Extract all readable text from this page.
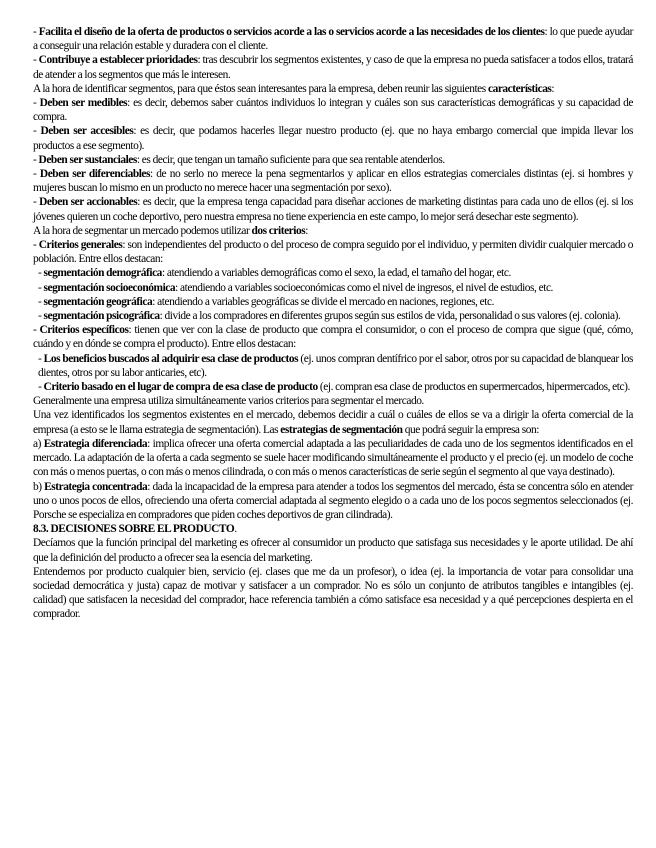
- Facilita el diseño de la oferta de productos o servicios acorde a las o servicios acorde a las necesidades de los clientes: lo que puede ayudar a conseguir una relación estable y duradera con el cliente.

- Contribuye a establecer prioridades: tras descubrir los segmentos existentes, y caso de que la empresa no pueda satisfacer a todos ellos, tratará de atender a los segmentos que más le interesen.

A la hora de identificar segmentos, para que éstos sean interesantes para la empresa, deben reunir las siguientes características:

- Deben ser medibles: es decir, debemos saber cuántos individuos lo integran y cuáles son sus características demográficas y su capacidad de compra.

- Deben ser accesibles: es decir, que podamos hacerles llegar nuestro producto (ej. que no haya embargo comercial que impida llevar los productos a ese segmento).

- Deben ser sustanciales: es decir, que tengan un tamaño suficiente para que sea rentable atenderlos.

- Deben ser diferenciables: de no serlo no merece la pena segmentarlos y aplicar en ellos estrategias comerciales distintas (ej. si hombres y mujeres buscan lo mismo en un producto no merece hacer una segmentación por sexo).

- Deben ser accionables: es decir, que la empresa tenga capacidad para diseñar acciones de marketing distintas para cada uno de ellos (ej. si los jóvenes quieren un coche deportivo, pero nuestra empresa no tiene experiencia en este campo, lo mejor será desechar este segmento).

A la hora de segmentar un mercado podemos utilizar dos criterios:

- Criterios generales: son independientes del producto o del proceso de compra seguido por el individuo, y permiten dividir cualquier mercado o población. Entre ellos destacan:

- segmentación demográfica: atendiendo a variables demográficas como el sexo, la edad, el tamaño del hogar, etc.

- segmentación socioeconómica: atendiendo a variables socioeconómicas como el nivel de ingresos, el nivel de estudios, etc.

- segmentación geográfica: atendiendo a variables geográficas se divide el mercado en naciones, regiones, etc.

- segmentación psicográfica: divide a los compradores en diferentes grupos según sus estilos de vida, personalidad o sus valores (ej. colonia).

- Criterios específicos: tienen que ver con la clase de producto que compra el consumidor, o con el proceso de compra que sigue (qué, cómo, cuándo y en dónde se compra el producto). Entre ellos destacan:

- Los beneficios buscados al adquirir esa clase de productos (ej. unos compran dentífrico por el sabor, otros por su capacidad de blanquear los dientes, otros por su labor anticaries, etc).

- Criterio basado en el lugar de compra de esa clase de producto (ej. compran esa clase de productos en supermercados, hipermercados, etc).

Generalmente una empresa utiliza simultáneamente varios criterios para segmentar el mercado.

Una vez identificados los segmentos existentes en el mercado, debemos decidir a cuál o cuáles de ellos se va a dirigir la oferta comercial de la empresa (a esto se le llama estrategia de segmentación). Las estrategias de segmentación que podrá seguir la empresa son:

a) Estrategia diferenciada: implica ofrecer una oferta comercial adaptada a las peculiaridades de cada uno de los segmentos identificados en el mercado. La adaptación de la oferta a cada segmento se suele hacer modificando simultáneamente el producto y el precio (ej. un modelo de coche con más o menos puertas, o con más o menos cilindrada, o con más o menos características de serie según el segmento al que vaya destinado).

b) Estrategia concentrada: dada la incapacidad de la empresa para atender a todos los segmentos del mercado, ésta se concentra sólo en atender uno o unos pocos de ellos, ofreciendo una oferta comercial adaptada al segmento elegido o a cada uno de los pocos segmentos seleccionados (ej. Porsche se especializa en compradores que piden coches deportivos de gran cilindrada).

8.3. DECISIONES SOBRE EL PRODUCTO.

Decíamos que la función principal del marketing es ofrecer al consumidor un producto que satisfaga sus necesidades y le aporte utilidad. De ahí que la definición del producto a ofrecer sea la esencia del marketing.

Entendemos por producto cualquier bien, servicio (ej. clases que me da un profesor), o idea (ej. la importancia de votar para consolidar una sociedad democrática y justa) capaz de motivar y satisfacer a un comprador. No es sólo un conjunto de atributos tangibles e intangibles (ej. calidad) que satisfacen la necesidad del comprador, hace referencia también a cómo satisface esa necesidad y a qué percepciones despierta en el comprador.
